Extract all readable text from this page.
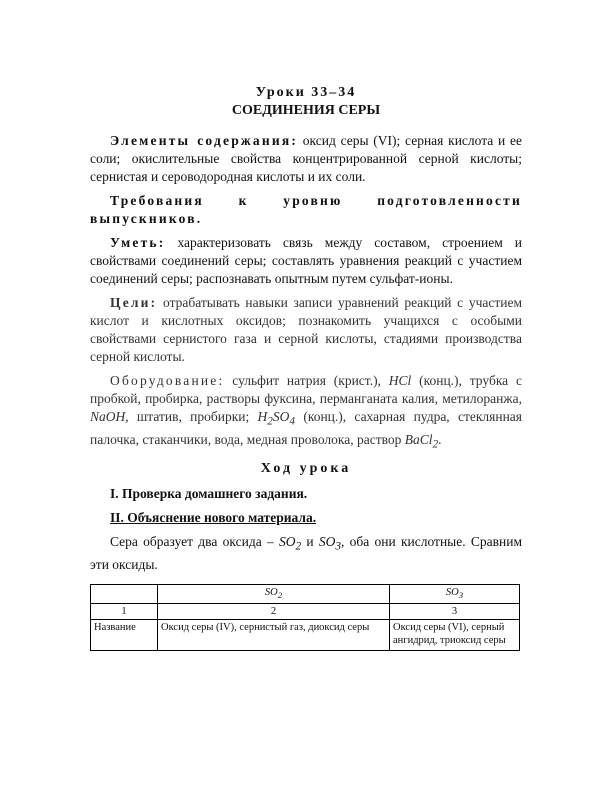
Уроки 33–34
СОЕДИНЕНИЯ СЕРЫ

Элементы содержания: оксид серы (VI); серная кислота и ее соли; окислительные свойства концентрированной серной кислоты; сернистая и сероводородная кислоты и их соли.

Требования к уровню подготовленности

выпускников.

Уметь: характеризовать связь между составом, строением и свойствами соединений серы; составлять уравнения реакций с участием соединений серы; распознавать опытным путем сульфат-ионы.

Цели: отрабатывать навыки записи уравнений реакций с участием кислот и кислотных оксидов; познакомить учащихся с особыми свойствами сернистого газа и серной кислоты, стадиями производства серной кислоты.

Оборудование: сульфит натрия (крист.), HCl (конц.), трубка с пробкой, пробирка, растворы фуксина, перманганата калия, метилоранжа, NaOH, штатив, пробирки; $H_2SO_4$ (конц.), сахарная пудра, стеклянная палочка, стаканчики, вода, медная проволока, раствор BaCl$_2$.

Ход урока

I. Проверка домашнего задания.

II. Объяснение нового материала.

Сера образует два оксида – $SO_2$ и $SO_3$, оба они кислотные. Сравним эти оксиды.

	$SO_2$	$SO_3$
1	2	3
Название	Оксид серы (IV), сернистый газ, диоксид серы	Оксид серы (VI), серный ангидрид, триоксид серы
